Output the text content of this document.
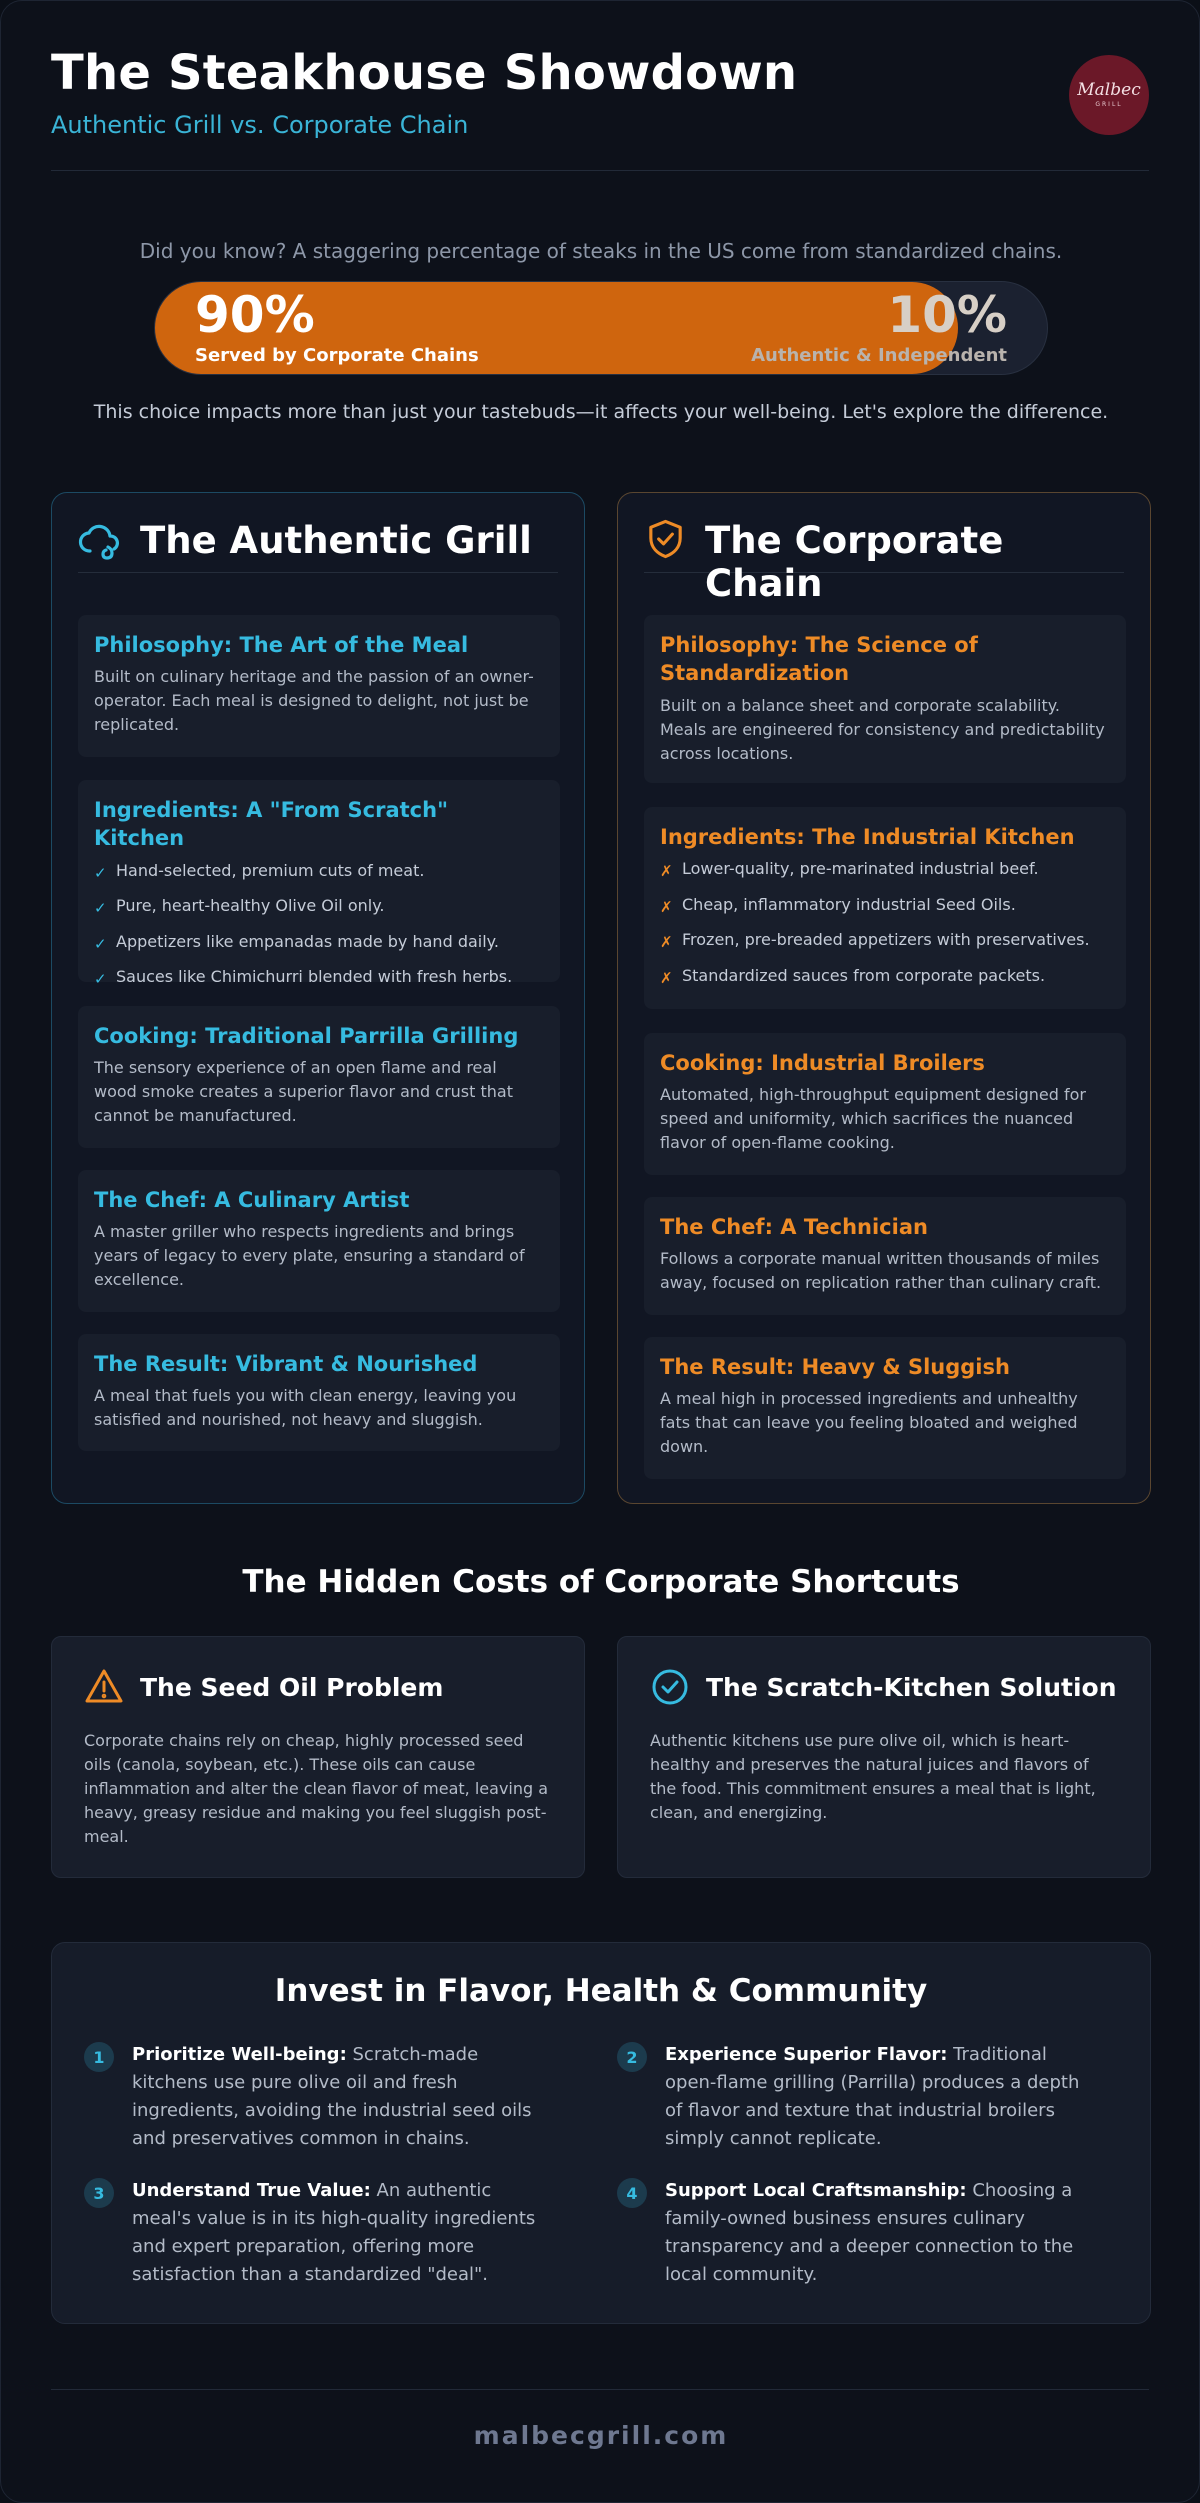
The Steakhouse Showdown
Authentic Grill vs. Corporate Chain
Malbec
GRILL
Did you know? A staggering percentage of steaks in the US come from standardized chains.
90%
Served by Corporate Chains
10%
Authentic & Independent
This choice impacts more than just your tastebuds—it affects your well-being. Let's explore the difference.
The Authentic Grill
Philosophy: The Art of the Meal
Built on culinary heritage and the passion of an owner-operator. Each meal is designed to delight, not just be replicated.
Ingredients: A "From Scratch" Kitchen
✓ Hand-selected, premium cuts of meat.
✓ Pure, heart-healthy Olive Oil only.
✓ Appetizers like empanadas made by hand daily.
✓ Sauces like Chimichurri blended with fresh herbs.
Cooking: Traditional Parrilla Grilling
The sensory experience of an open flame and real wood smoke creates a superior flavor and crust that cannot be manufactured.
The Chef: A Culinary Artist
A master griller who respects ingredients and brings years of legacy to every plate, ensuring a standard of excellence.
The Result: Vibrant & Nourished
A meal that fuels you with clean energy, leaving you satisfied and nourished, not heavy and sluggish.
The Corporate Chain
Philosophy: The Science of Standardization
Built on a balance sheet and corporate scalability. Meals are engineered for consistency and predictability across locations.
Ingredients: The Industrial Kitchen
✗ Lower-quality, pre-marinated industrial beef.
✗ Cheap, inflammatory industrial Seed Oils.
✗ Frozen, pre-breaded appetizers with preservatives.
✗ Standardized sauces from corporate packets.
Cooking: Industrial Broilers
Automated, high-throughput equipment designed for speed and uniformity, which sacrifices the nuanced flavor of open-flame cooking.
The Chef: A Technician
Follows a corporate manual written thousands of miles away, focused on replication rather than culinary craft.
The Result: Heavy & Sluggish
A meal high in processed ingredients and unhealthy fats that can leave you feeling bloated and weighed down.
The Hidden Costs of Corporate Shortcuts
The Seed Oil Problem
Corporate chains rely on cheap, highly processed seed oils (canola, soybean, etc.). These oils can cause inflammation and alter the clean flavor of meat, leaving a heavy, greasy residue and making you feel sluggish post-meal.
The Scratch-Kitchen Solution
Authentic kitchens use pure olive oil, which is heart-healthy and preserves the natural juices and flavors of the food. This commitment ensures a meal that is light, clean, and energizing.
Invest in Flavor, Health & Community
1	Prioritize Well-being: Scratch-made kitchens use pure olive oil and fresh ingredients, avoiding the industrial seed oils and preservatives common in chains.
2	Experience Superior Flavor: Traditional open-flame grilling (Parrilla) produces a depth of flavor and texture that industrial broilers simply cannot replicate.
3	Understand True Value: An authentic meal's value is in its high-quality ingredients and expert preparation, offering more satisfaction than a standardized "deal".
4	Support Local Craftsmanship: Choosing a family-owned business ensures culinary transparency and a deeper connection to the local community.
malbecgrill.com
